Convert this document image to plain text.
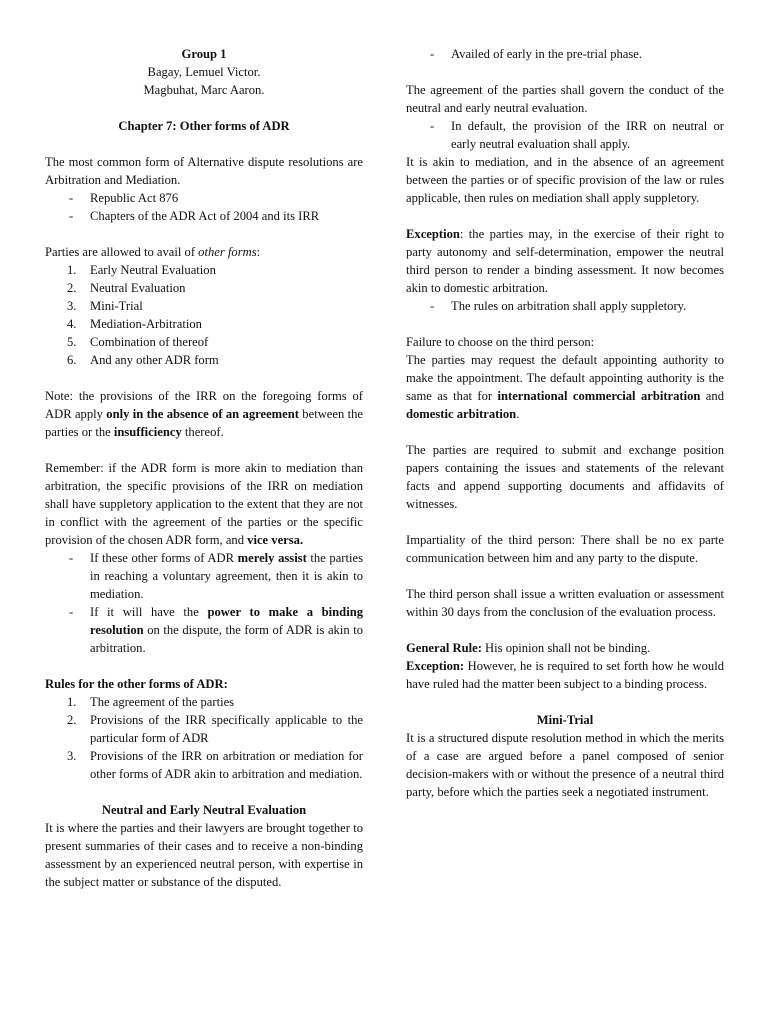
Group 1

Bagay, Lemuel Victor.

Magbuhat, Marc Aaron.

Chapter 7: Other forms of ADR

The most common form of Alternative dispute resolutions are Arbitration and Mediation.

- Republic Act 876
- Chapters of the ADR Act of 2004 and its IRR

Parties are allowed to avail of other forms:

1. Early Neutral Evaluation
2. Neutral Evaluation
3. Mini-Trial
4. Mediation-Arbitration
5. Combination of thereof
6. And any other ADR form

Note: the provisions of the IRR on the foregoing forms of ADR apply only in the absence of an agreement between the parties or the insufficiency thereof.

Remember: if the ADR form is more akin to mediation than arbitration, the specific provisions of the IRR on mediation shall have suppletory application to the extent that they are not in conflict with the agreement of the parties or the specific provision of the chosen ADR form, and vice versa.

- If these other forms of ADR merely assist the parties in reaching a voluntary agreement, then it is akin to mediation.
- If it will have the power to make a binding resolution on the dispute, the form of ADR is akin to arbitration.

Rules for the other forms of ADR:

1. The agreement of the parties
2. Provisions of the IRR specifically applicable to the particular form of ADR
3. Provisions of the IRR on arbitration or mediation for other forms of ADR akin to arbitration and mediation.

Neutral and Early Neutral Evaluation

It is where the parties and their lawyers are brought together to present summaries of their cases and to receive a non-binding assessment by an experienced neutral person, with expertise in the subject matter or substance of the disputed.

- Availed of early in the pre-trial phase.

The agreement of the parties shall govern the conduct of the neutral and early neutral evaluation.

- In default, the provision of the IRR on neutral or early neutral evaluation shall apply.

It is akin to mediation, and in the absence of an agreement between the parties or of specific provision of the law or rules applicable, then rules on mediation shall apply suppletory.

Exception: the parties may, in the exercise of their right to party autonomy and self-determination, empower the neutral third person to render a binding assessment. It now becomes akin to domestic arbitration.

- The rules on arbitration shall apply suppletory.

Failure to choose on the third person:

The parties may request the default appointing authority to make the appointment. The default appointing authority is the same as that for international commercial arbitration and domestic arbitration.

The parties are required to submit and exchange position papers containing the issues and statements of the relevant facts and append supporting documents and affidavits of witnesses.

Impartiality of the third person: There shall be no ex parte communication between him and any party to the dispute.

The third person shall issue a written evaluation or assessment within 30 days from the conclusion of the evaluation process.

General Rule: His opinion shall not be binding.

Exception: However, he is required to set forth how he would have ruled had the matter been subject to a binding process.

Mini-Trial

It is a structured dispute resolution method in which the merits of a case are argued before a panel composed of senior decision-makers with or without the presence of a neutral third party, before which the parties seek a negotiated instrument.
